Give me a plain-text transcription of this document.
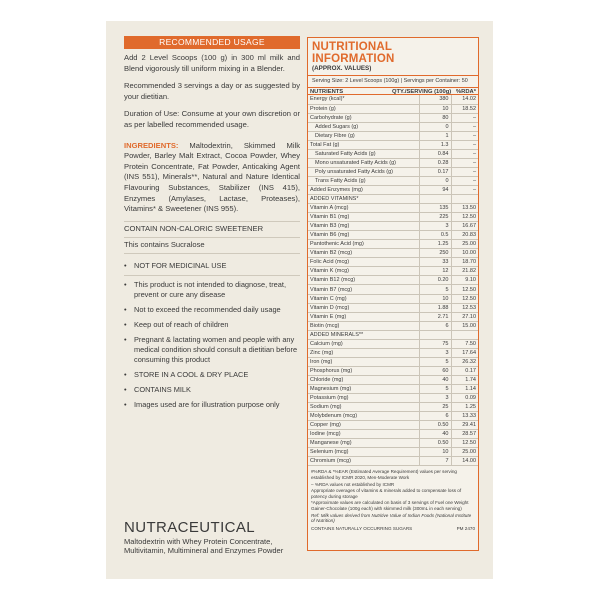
RECOMMENDED USAGE

Add 2 Level Scoops (100 g) in 300 ml milk and Blend vigorously till uniform mixing in a Blender.

Recommended 3 servings a day or as suggested by your dietitian.

Duration of Use: Consume at your own discretion or as per labelled recommended usage.

INGREDIENTS: Maltodextrin, Skimmed Milk Powder, Barley Malt Extract, Cocoa Powder, Whey Protein Concentrate, Fat Powder, Anticaking Agent (INS 551), Minerals**, Natural and Nature Identical Flavouring Substances, Stabilizer (INS 415), Enzymes (Amylases, Lactase, Proteases), Vitamins* & Sweetener (INS 955).

CONTAIN NON-CALORIC SWEETENER
This contains Sucralose
• NOT FOR MEDICINAL USE
• This product is not intended to diagnose, treat, prevent or cure any disease
• Not to exceed the recommended daily usage
• Keep out of reach of children
• Pregnant & lactating women and people with any medical condition should consult a dietitian before consuming this product
• STORE IN A COOL & DRY PLACE
• CONTAINS MILK
• Images used are for illustration purpose only
NUTRACEUTICAL
Maltodextrin with Whey Protein Concentrate, Multivitamin, Multimineral and Enzymes Powder
NUTRITIONAL INFORMATION
(APPROX. VALUES)
Serving Size: 2 Level Scoops (100g) | Servings per Container: 50
NUTRIENTS	QTY./SERVING (100g) %RDA*
Energy (kcal)*	380	14.02
Protein (g)	10	18.52
Carbohydrate (g)	80	–
Added Sugars (g)	0	–
Dietary Fibre (g)	1	–
Total Fat (g)	1.3	–
Saturated Fatty Acids (g)	0.84	–
Mono unsaturated Fatty Acids (g)	0.28	–
Poly unsaturated Fatty Acids (g)	0.17	–
Trans Fatty Acids (g)	0	–
Added Enzymes (mg)	94	–
ADDED VITAMINS*		
Vitamin A (mcg)	135	13.50
Vitamin B1 (mg)	225	12.50
Vitamin B3 (mg)	3	16.67
Vitamin B6 (mg)	0.5	20.83
Pantothenic Acid (mg)	1.25	25.00
Vitamin B2 (mcg)	250	10.00
Folic Acid (mcg)	33	18.70
Vitamin K (mcg)	12	21.82
Vitamin B12 (mcg)	0.20	9.10
Vitamin B7 (mcg)	5	12.50
Vitamin C (mg)	10	12.50
Vitamin D (mcg)	1.88	12.53
Vitamin E (mg)	2.71	27.10
Biotin (mcg)	6	15.00
ADDED MINERALS**		
Calcium (mg)	75	7.50
Zinc (mg)	3	17.64
Iron (mg)	5	26.32
Phosphorus (mg)	60	0.17
Chloride (mg)	40	1.74
Magnesium (mg)	5	1.14
Potassium (mg)	3	0.09
Sodium (mg)	25	1.25
Molybdenum (mcg)	6	13.33
Copper (mg)	0.50	29.41
Iodine (mcg)	40	28.57
Manganese (mg)	0.50	12.50
Selenium (mcg)	10	25.00
Chromium (mcg)	7	14.00
#%RDA & *%EAR (Estimated Average Requirement) values per serving established by ICMR 2020, Men-Moderate Work
– %RDA values not established by ICMR
Appropriate overages of vitamins & minerals added to compensate loss of potency during storage
*Approximate values are calculated on basis of 3 servings of Fuel one Weight Gainer-Chocolate (100g each) with skimmed milk (300mL in each serving)
Ref: Milk values derived from Nutritive Value of Indian Foods (National Institute of Nutrition)
CONTAINS NATURALLY OCCURRING SUGARS	PM 2470
